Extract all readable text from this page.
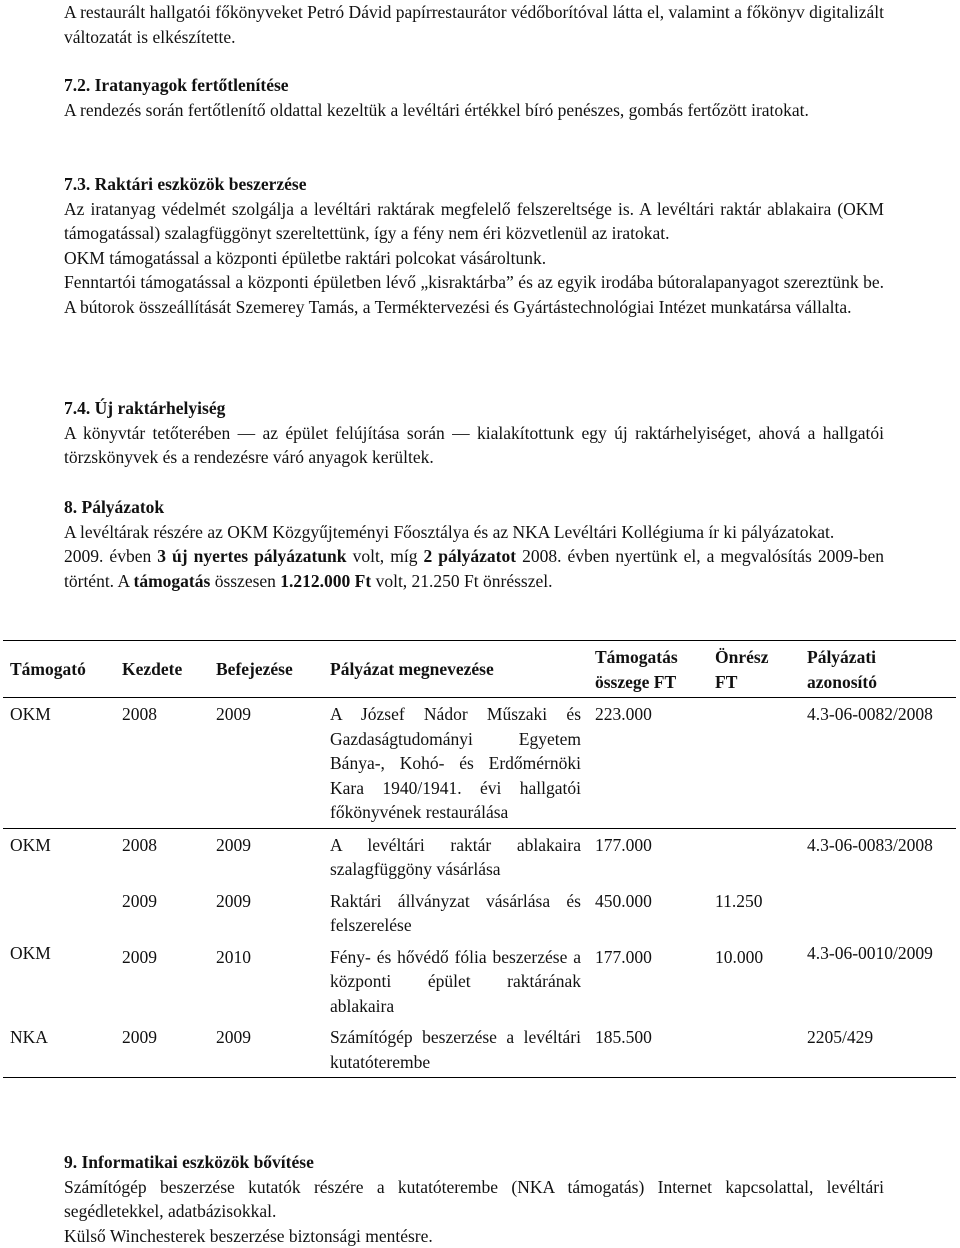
A restaurált hallgatói főkönyveket Petró Dávid papírrestaurátor védőborítóval látta el, valamint a főkönyv digitalizált változatát is elkészítette.

7.2. Iratanyagok fertőtlenítése

A rendezés során fertőtlenítő oldattal kezeltük a levéltári értékkel bíró penészes, gombás fertőzött iratokat.

7.3. Raktári eszközök beszerzése

Az iratanyag védelmét szolgálja a levéltári raktárak megfelelő felszereltsége is. A levéltári raktár ablakaira (OKM támogatással) szalagfüggönyt szereltettünk, így a fény nem éri közvetlenül az iratokat.

OKM támogatással a központi épületbe raktári polcokat vásároltunk.

Fenntartói támogatással a központi épületben lévő „kisraktárba” és az egyik irodába bútoralapanyagot szereztünk be. A bútorok összeállítását Szemerey Tamás, a Terméktervezési és Gyártástechnológiai Intézet munkatársa vállalta.

7.4. Új raktárhelyiség

A könyvtár tetőterében ― az épület felújítása során ― kialakítottunk egy új raktárhelyiséget, ahová a hallgatói törzskönyvek és a rendezésre váró anyagok kerültek.

8. Pályázatok

A levéltárak részére az OKM Közgyűjteményi Főosztálya és az NKA Levéltári Kollégiuma ír ki pályázatokat.

2009. évben 3 új nyertes pályázatunk volt, míg 2 pályázatot 2008. évben nyertünk el, a megvalósítás 2009-ben történt. A támogatás összesen 1.212.000 Ft volt, 21.250 Ft önrésszel.

Támogató	Kezdete	Befejezése	Pályázat megnevezése	Támogatás összege FT	Önrész FT	Pályázati azonosító
OKM	2008	2009	A József Nádor Műszaki és Gazdaságtudományi Egyetem Bánya-, Kohó- és Erdőmérnöki Kara 1940/1941. évi hallgatói főkönyvének restaurálása	223.000		4.3-06-0082/2008
OKM	2008	2009	A levéltári raktár ablakaira szalagfüggöny vásárlása	177.000		4.3-06-0083/2008
OKM	2009	2009	Raktári állványzat vásárlása és felszerelése	450.000	11.250	4.3-06-0010/2009
	2009	2010	Fény- és hővédő fólia beszerzése a központi épület raktárának ablakaira	177.000	10.000	
NKA	2009	2009	Számítógép beszerzése a levéltári kutatóterembe	185.500		2205/429

9. Informatikai eszközök bővítése

Számítógép beszerzése kutatók részére a kutatóterembe (NKA támogatás) Internet kapcsolattal, levéltári segédletekkel, adatbázisokkal.

Külső Winchesterek beszerzése biztonsági mentésre.
